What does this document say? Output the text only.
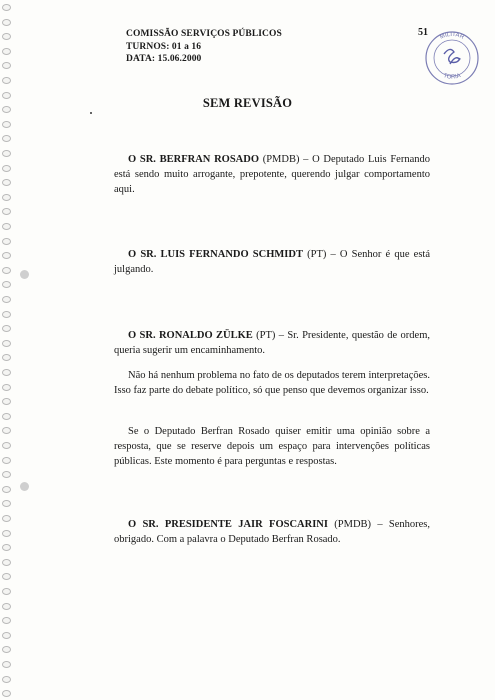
COMISSÃO SERVIÇOS PÚBLICOS
TURNOS: 01 a 16
DATA: 15.06.2000
51 MILITAR
TORIA
SEM REVISÃO
O SR. BERFRAN ROSADO (PMDB) – O Deputado Luis Fernando está sendo muito arrogante, prepotente, querendo julgar comportamento aqui.
O SR. LUIS FERNANDO SCHMIDT (PT) – O Senhor é que está julgando.
O SR. RONALDO ZÜLKE (PT) – Sr. Presidente, questão de ordem, queria sugerir um encaminhamento.
Não há nenhum problema no fato de os deputados terem interpretações. Isso faz parte do debate político, só que penso que devemos organizar isso.
Se o Deputado Berfran Rosado quiser emitir uma opinião sobre a resposta, que se reserve depois um espaço para intervenções políticas públicas. Este momento é para perguntas e respostas.
O SR. PRESIDENTE JAIR FOSCARINI (PMDB) – Senhores, obrigado. Com a palavra o Deputado Berfran Rosado.
